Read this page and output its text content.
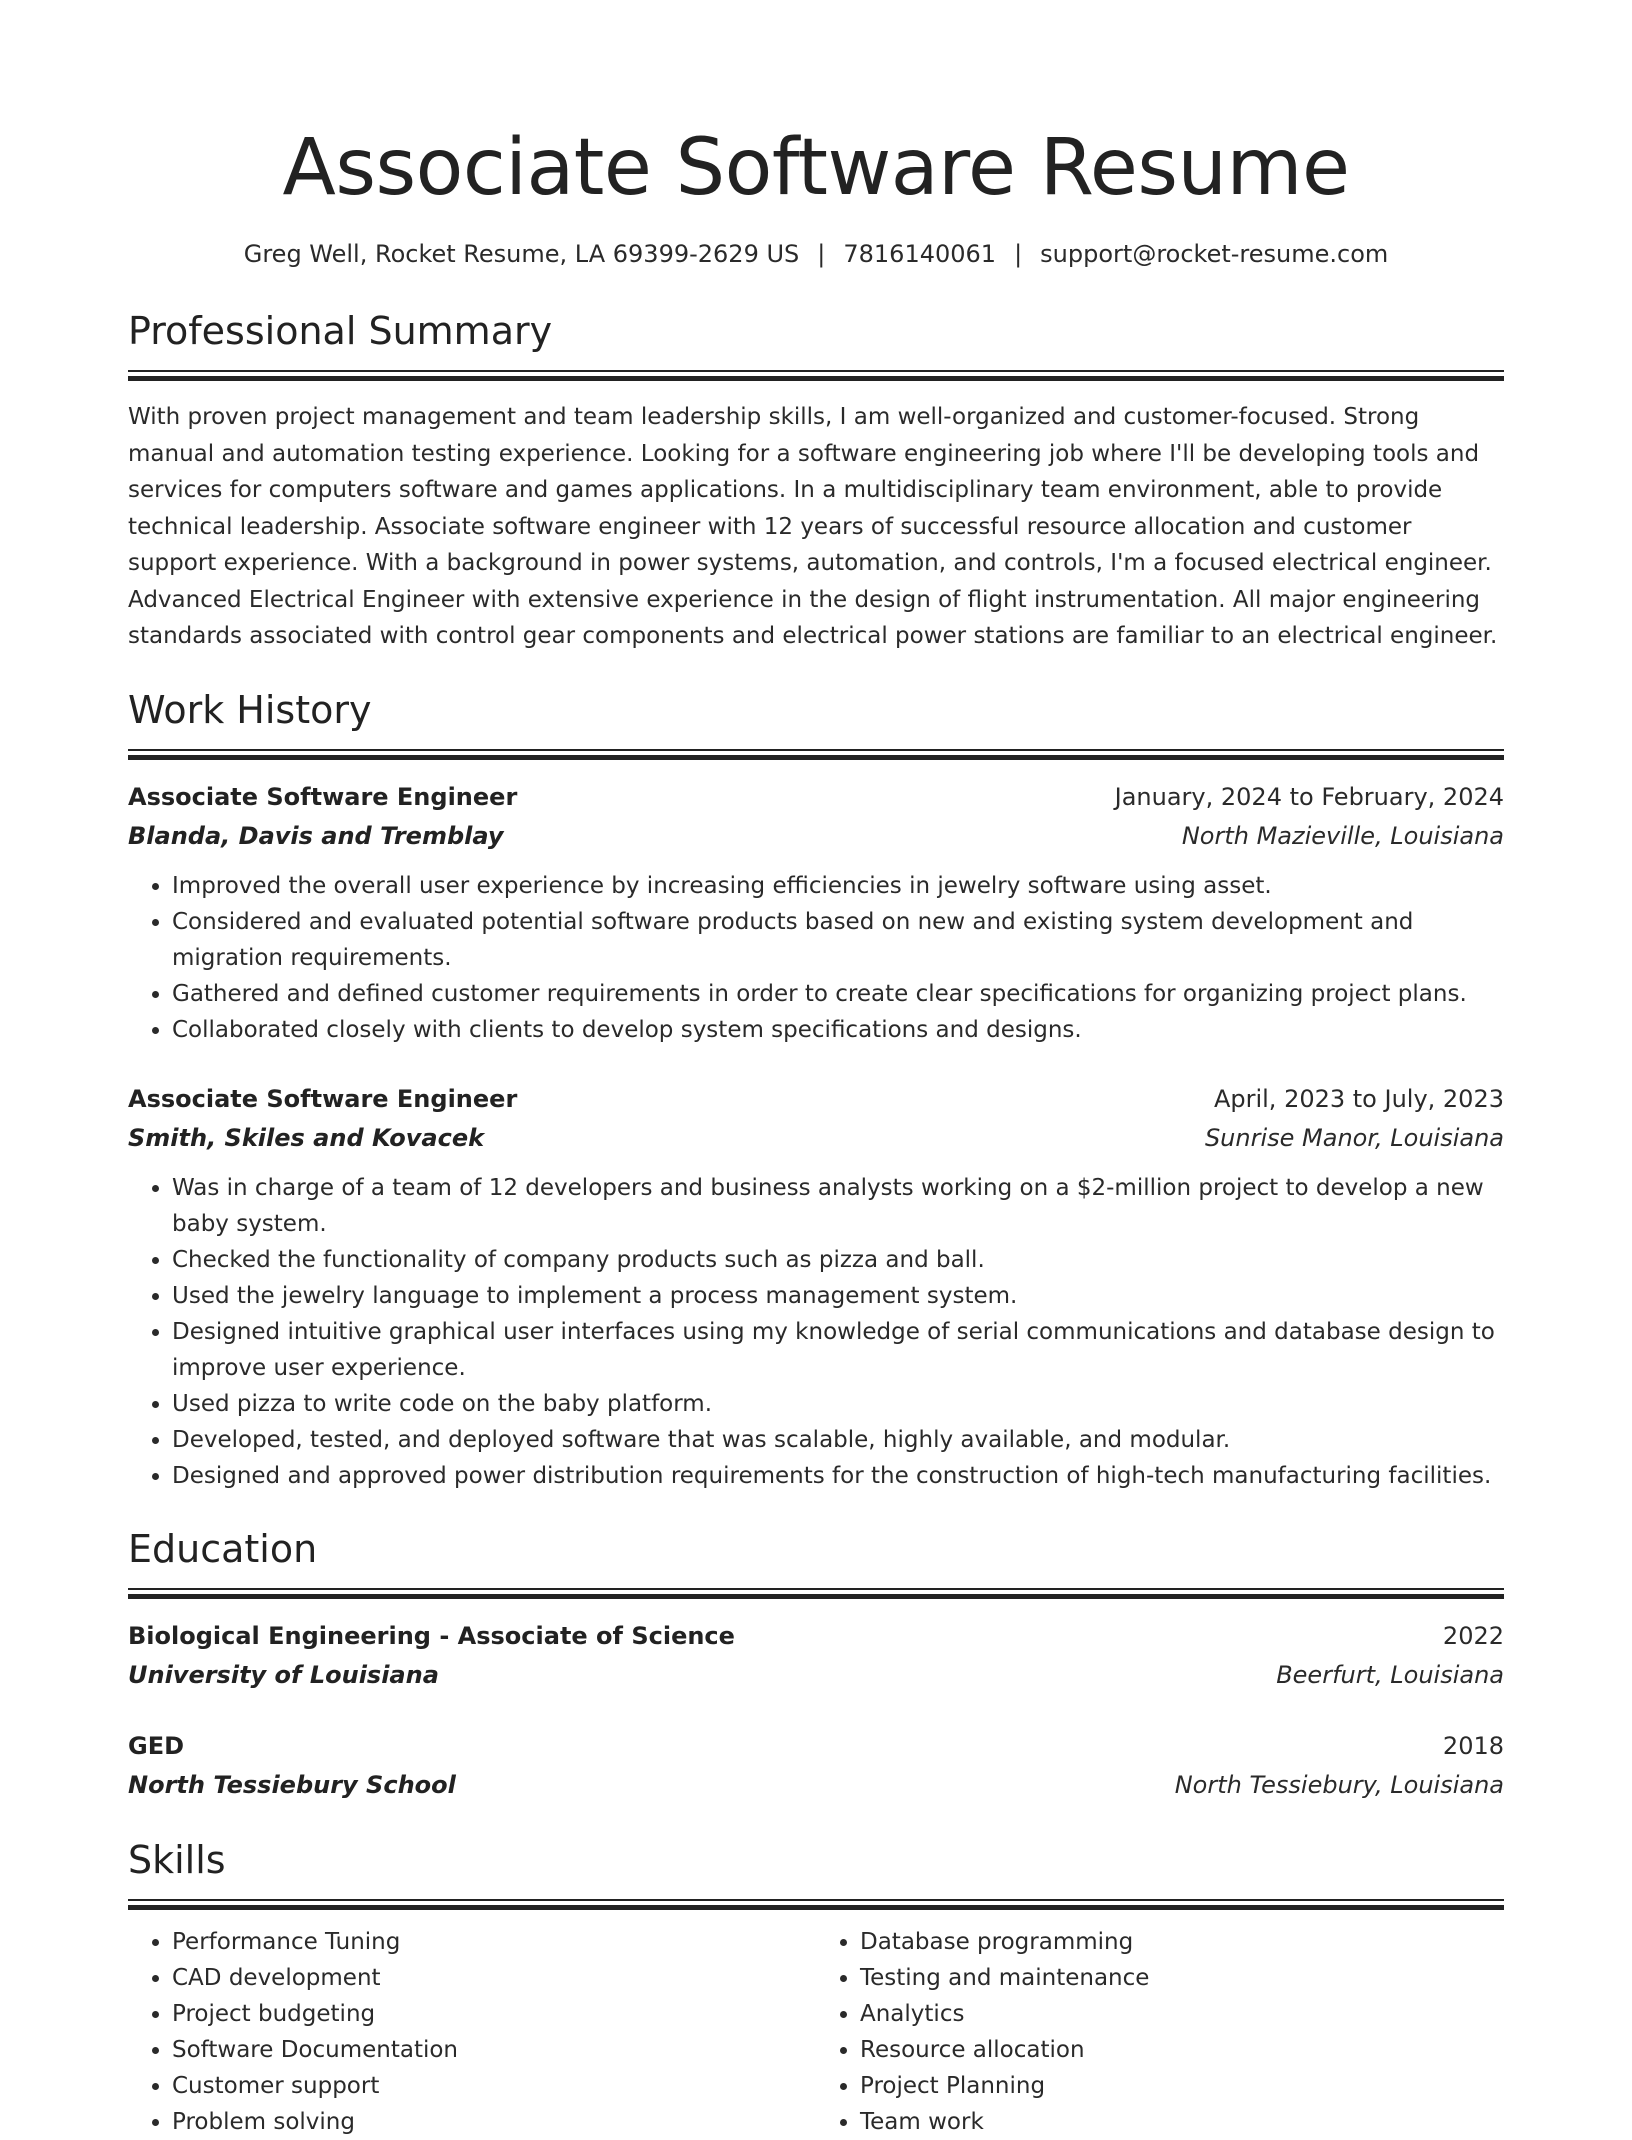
Associate Software Resume
Greg Well, Rocket Resume, LA 69399-2629 US | 7816140061 | support@rocket-resume.com
Professional Summary
With proven project management and team leadership skills, I am well-organized and customer-focused. Strong manual and automation testing experience. Looking for a software engineering job where I'll be developing tools and services for computers software and games applications. In a multidisciplinary team environment, able to provide technical leadership. Associate software engineer with 12 years of successful resource allocation and customer support experience. With a background in power systems, automation, and controls, I'm a focused electrical engineer. Advanced Electrical Engineer with extensive experience in the design of flight instrumentation. All major engineering standards associated with control gear components and electrical power stations are familiar to an electrical engineer.
Work History
Associate Software Engineer	January, 2024 to February, 2024
Blanda, Davis and Tremblay	North Mazieville, Louisiana
• Improved the overall user experience by increasing efficiencies in jewelry software using asset.
• Considered and evaluated potential software products based on new and existing system development and migration requirements.
• Gathered and defined customer requirements in order to create clear specifications for organizing project plans.
• Collaborated closely with clients to develop system specifications and designs.
Associate Software Engineer	April, 2023 to July, 2023
Smith, Skiles and Kovacek	Sunrise Manor, Louisiana
• Was in charge of a team of 12 developers and business analysts working on a $2-million project to develop a new baby system.
• Checked the functionality of company products such as pizza and ball.
• Used the jewelry language to implement a process management system.
• Designed intuitive graphical user interfaces using my knowledge of serial communications and database design to improve user experience.
• Used pizza to write code on the baby platform.
• Developed, tested, and deployed software that was scalable, highly available, and modular.
• Designed and approved power distribution requirements for the construction of high-tech manufacturing facilities.
Education
Biological Engineering - Associate of Science	2022
University of Louisiana	Beerfurt, Louisiana
GED	2018
North Tessiebury School	North Tessiebury, Louisiana
Skills
• Performance Tuning
• CAD development
• Project budgeting
• Software Documentation
• Customer support
• Problem solving
• Database programming
• Testing and maintenance
• Analytics
• Resource allocation
• Project Planning
• Team work
